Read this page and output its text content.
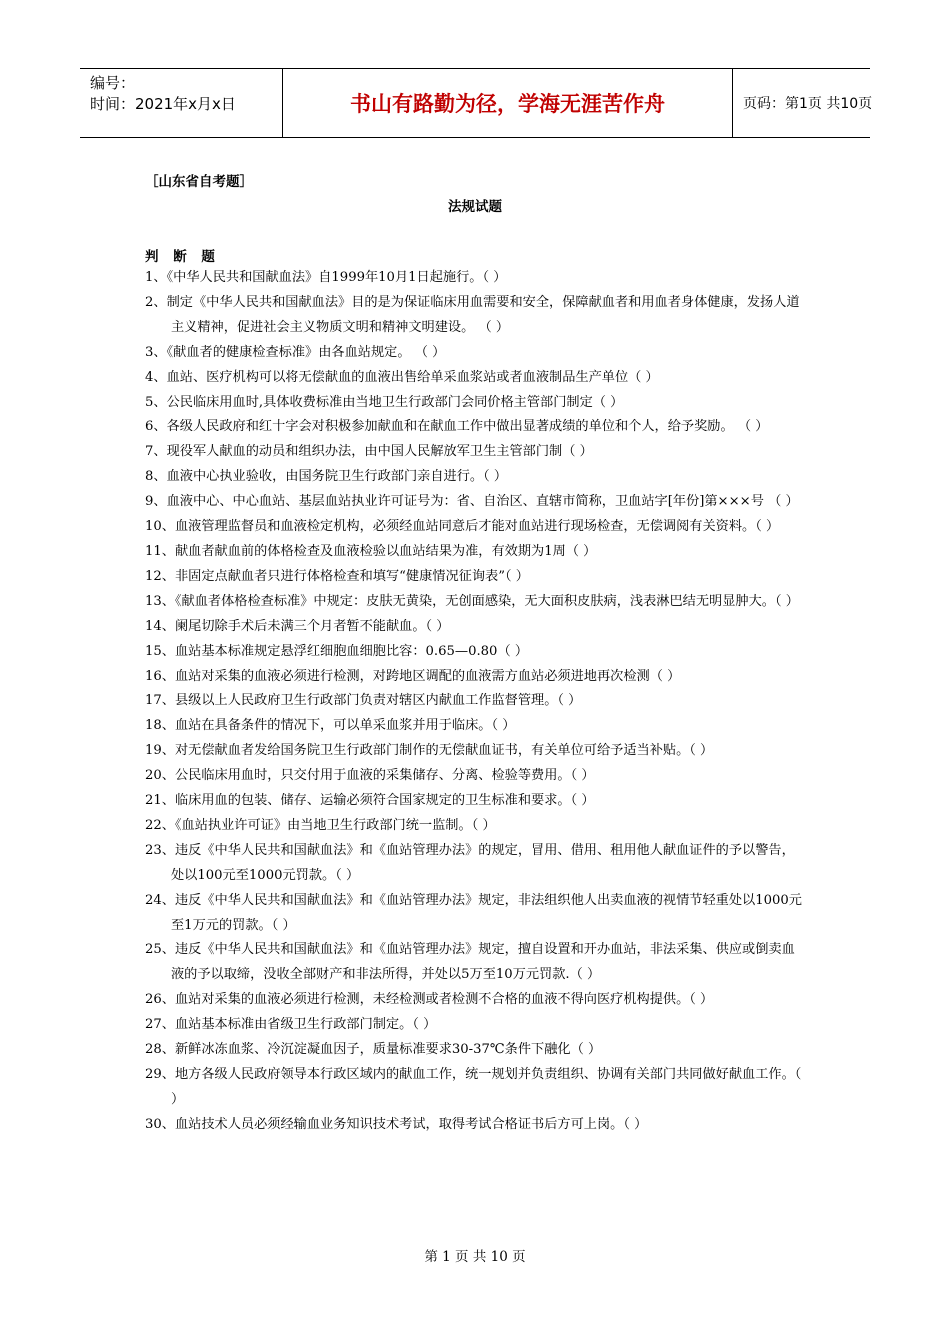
编号：
时间：2021年x月x日	书山有路勤为径，学海无涯苦作舟	页码：第1页 共10页
［山东省自考题］
法规试题
判 断 题
1、《中华人民共和国献血法》自1999年10月1日起施行。（ ）
2、制定《中华人民共和国献血法》目的是为保证临床用血需要和安全，保障献血者和用血者身体健康，发扬人道主义精神，促进社会主义物质文明和精神文明建设。 （ ）
3、《献血者的健康检查标准》由各血站规定。 （ ）
4、血站、医疗机构可以将无偿献血的血液出售给单采血浆站或者血液制品生产单位（ ）
5、公民临床用血时,具体收费标准由当地卫生行政部门会同价格主管部门制定（ ）
6、各级人民政府和红十字会对积极参加献血和在献血工作中做出显著成绩的单位和个人，给予奖励。 （ ）
7、现役军人献血的动员和组织办法，由中国人民解放军卫生主管部门制（ ）
8、血液中心执业验收，由国务院卫生行政部门亲自进行。（ ）
9、血液中心、中心血站、基层血站执业许可证号为：省、自治区、直辖市简称，卫血站字[年份]第×××号 （ ）
10、血液管理监督员和血液检定机构，必须经血站同意后才能对血站进行现场检查，无偿调阅有关资料。（ ）
11、献血者献血前的体格检查及血液检验以血站结果为准，有效期为1周（ ）
12、非固定点献血者只进行体格检查和填写“健康情况征询表”（ ）
13、《献血者体格检查标准》中规定：皮肤无黄染，无创面感染，无大面积皮肤病，浅表淋巴结无明显肿大。（ ）
14、阑尾切除手术后未满三个月者暂不能献血。（ ）
15、血站基本标准规定悬浮红细胞血细胞比容：0.65—0.80（ ）
16、血站对采集的血液必须进行检测，对跨地区调配的血液需方血站必须进地再次检测（ ）
17、县级以上人民政府卫生行政部门负责对辖区内献血工作监督管理。（ ）
18、血站在具备条件的情况下，可以单采血浆并用于临床。（ ）
19、对无偿献血者发给国务院卫生行政部门制作的无偿献血证书，有关单位可给予适当补贴。（ ）
20、公民临床用血时，只交付用于血液的采集储存、分离、检验等费用。（ ）
21、临床用血的包装、储存、运输必须符合国家规定的卫生标准和要求。（ ）
22、《血站执业许可证》由当地卫生行政部门统一监制。（ ）
23、违反《中华人民共和国献血法》和《血站管理办法》的规定，冒用、借用、租用他人献血证件的予以警告，处以100元至1000元罚款。（ ）
24、违反《中华人民共和国献血法》和《血站管理办法》规定，非法组织他人出卖血液的视情节轻重处以1000元至1万元的罚款。（ ）
25、违反《中华人民共和国献血法》和《血站管理办法》规定，擅自设置和开办血站，非法采集、供应或倒卖血液的予以取缔，没收全部财产和非法所得，并处以5万至10万元罚款.（ ）
26、血站对采集的血液必须进行检测，未经检测或者检测不合格的血液不得向医疗机构提供。（ ）
27、血站基本标准由省级卫生行政部门制定。（ ）
28、新鲜冰冻血浆、冷沉淀凝血因子，质量标准要求30-37℃条件下融化（ ）
29、地方各级人民政府领导本行政区域内的献血工作，统一规划并负责组织、协调有关部门共同做好献血工作。（ ）
30、血站技术人员必须经输血业务知识技术考试，取得考试合格证书后方可上岗。（ ）
第 1 页 共 10 页
